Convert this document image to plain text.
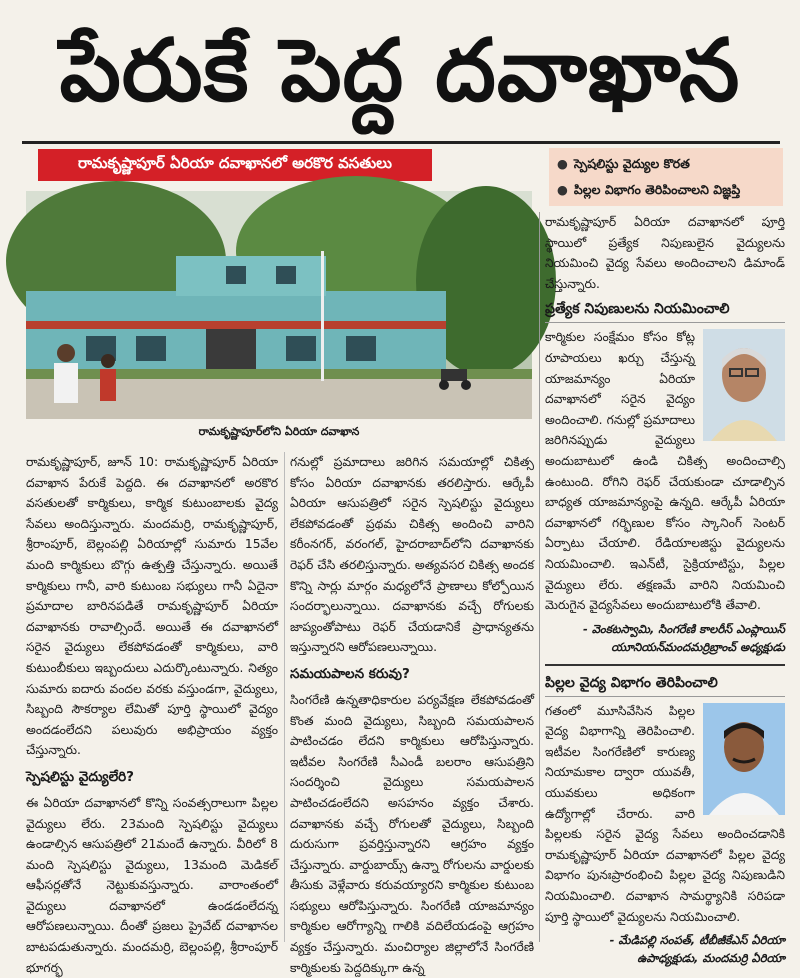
పేరుకే పెద్ద దవాఖాన
రామకృష్ణాపూర్ ఏరియా దవాఖానలో అరకొర వసతులు	● స్పెషలిస్టు వైద్యుల కొరత
● పిల్లల విభాగం తెరిపించాలని విజ్ఞప్తి
రామకృష్ణాపూర్‌లోని ఏరియా దవాఖాన

రామకృష్ణాపూర్, జూన్ 10: రామకృష్ణాపూర్ ఏరియా దవాఖాన పేరుకే పెద్దది. ఈ దవాఖానలో అరకొర వసతులతో కార్మికులు, కార్మిక కుటుంబాలకు వైద్య సేవలు అందిస్తున్నారు. మందమర్రి, రామకృష్ణాపూర్, శ్రీరాంపూర్, బెల్లంపల్లి ఏరియాల్లో సుమారు 15వేల మంది కార్మికులు బొగ్గు ఉత్పత్తి చేస్తున్నారు. అయితే కార్మికులు గానీ, వారి కుటుంబ సభ్యులు గానీ ఏదైనా ప్రమాదాల బారినపడితే రామకృష్ణాపూర్ ఏరియా దవాఖానకు రావాల్సిందే. అయితే ఈ దవాఖానలో సరైన వైద్యులు లేకపోవడంతో కార్మికులు, వారి కుటుంబీకులు ఇబ్బందులు ఎదుర్కొంటున్నారు. నిత్యం సుమారు ఐదారు వందల వరకు వస్తుండగా, వైద్యులు, సిబ్బంది సౌకర్యాల లేమితో పూర్తి స్థాయిలో వైద్యం అందడంలేదని పలువురు అభిప్రాయం వ్యక్తం చేస్తున్నారు.

స్పెషలిస్టు వైద్యులేరి?

ఈ ఏరియా దవాఖానలో కొన్ని సంవత్సరాలుగా పిల్లల వైద్యులు లేరు. 23మంది స్పెషలిస్టు వైద్యులు ఉండాల్సిన ఆసుపత్రిలో 21మందే ఉన్నారు. వీరిలో 8 మంది స్పెషలిస్టు వైద్యులు, 13మంది మెడికల్ ఆఫీసర్లతోనే నెట్టుకువస్తున్నారు. వారాంతంలో వైద్యులు దవాఖానలో ఉండడంలేదన్న ఆరోపణలున్నాయి. దీంతో ప్రజలు ప్రైవేట్ దవాఖానల బాటపడుతున్నారు. మందమర్రి, బెల్లంపల్లి, శ్రీరాంపూర్ భూగర్భ

గనుల్లో ప్రమాదాలు జరిగిన సమయాల్లో చికిత్స కోసం ఏరియా దవాఖానకు తరలిస్తారు. ఆర్కేపీ ఏరియా ఆసుపత్రిలో సరైన స్పెషలిస్టు వైద్యులు లేకపోవడంతో ప్రథమ చికిత్స అందించి వారిని కరీంనగర్, వరంగల్, హైదరాబాద్‌లోని దవాఖానకు రెఫర్ చేసి తరలిస్తున్నారు. అత్యవసర చికిత్స అందక కొన్ని సార్లు మార్గం మధ్యలోనే ప్రాణాలు కోల్పోయిన సందర్భాలున్నాయి. దవాఖానకు వచ్చే రోగులకు జాప్యంతోపాటు రెఫర్ చేయడానికే ప్రాధాన్యతను ఇస్తున్నారని ఆరోపణలున్నాయి.

సమయపాలన కరువు?

సింగరేణి ఉన్నతాధికారుల పర్యవేక్షణ లేకపోవడంతో కొంత మంది వైద్యులు, సిబ్బంది సమయపాలన పాటించడం లేదని కార్మికులు ఆరోపిస్తున్నారు. ఇటీవల సింగరేణి సీఎండీ బలరాం ఆసుపత్రిని సందర్శించి వైద్యులు సమయపాలన పాటించడంలేదని అసహనం వ్యక్తం చేశారు. దవాఖానకు వచ్చే రోగులతో వైద్యులు, సిబ్బంది దురుసుగా ప్రవర్తిస్తున్నారని ఆగ్రహం వ్యక్తం చేస్తున్నారు. వార్డుబాయ్స్ ఉన్నా రోగులను వార్డులకు తీసుకు వెళ్లేవారు కరువయ్యారని కార్మికుల కుటుంబ సభ్యులు ఆరోపిస్తున్నారు. సింగరేణి యాజమాన్యం కార్మికుల ఆరోగ్యాన్ని గాలికి వదిలేయడంపై ఆగ్రహం వ్యక్తం చేస్తున్నారు. మంచిర్యాల జిల్లాలోనే సింగరేణి కార్మికులకు పెద్దదిక్కుగా ఉన్న

రామకృష్ణాపూర్ ఏరియా దవాఖానలో పూర్తి స్థాయిలో ప్రత్యేక నిపుణులైన వైద్యులను నియమించి వైద్య సేవలు అందించాలని డిమాండ్ చేస్తున్నారు.

ప్రత్యేక నిపుణులను నియమించాలి

కార్మికుల సంక్షేమం కోసం కోట్ల రూపాయలు ఖర్చు చేస్తున్న యాజమాన్యం ఏరియా దవాఖానలో సరైన వైద్యం అందించాలి. గనుల్లో ప్రమాదాలు జరిగినప్పుడు వైద్యులు అందుబాటులో ఉండి చికిత్స అందించాల్సి ఉంటుంది. రోగిని రెఫర్ చేయకుండా చూడాల్సిన బాధ్యత యాజమాన్యంపై ఉన్నది. ఆర్కేపీ ఏరియా దవాఖానలో గర్భిణుల కోసం స్కానింగ్ సెంటర్ ఏర్పాటు చేయాలి. రేడియాలజిస్టు వైద్యులను నియమించాలి. ఇఎన్‌టీ, సైక్రియాటిస్టు, పిల్లల వైద్యులు లేరు. తక్షణమే వారిని నియమించి మెరుగైన వైద్యసేవలు అందుబాటులోకి తేవాలి.

- వెంకటస్వామి, సింగరేణి కాలరీస్ ఎంప్లాయిస్ యూనియన్‌మందమర్రిబ్రాంచ్ అధ్యక్షుడు
పిల్లల వైద్య విభాగం తెరిపించాలి

గతంలో మూసివేసిన పిల్లల వైద్య విభాగాన్ని తెరిపించాలి. ఇటీవల సింగరేణిలో కారుణ్య నియామకాల ద్వారా యువతీ, యువకులు అధికంగా ఉద్యోగాల్లో చేరారు. వారి పిల్లలకు సరైన వైద్య సేవలు అందించడానికి రామకృష్ణాపూర్ ఏరియా దవాఖానలో పిల్లల వైద్య విభాగం పునఃప్రారంభించి పిల్లల వైద్య నిపుణుడిని నియమించాలి. దవాఖాన సామర్థ్యానికి సరిపడా పూర్తి స్థాయిలో వైద్యులను నియమించాలి.

- మేడిపల్లి సంపత్, టీబీజీకేఎస్ ఏరియా ఉపాధ్యక్షుడు, మందమర్రి ఏరియా
